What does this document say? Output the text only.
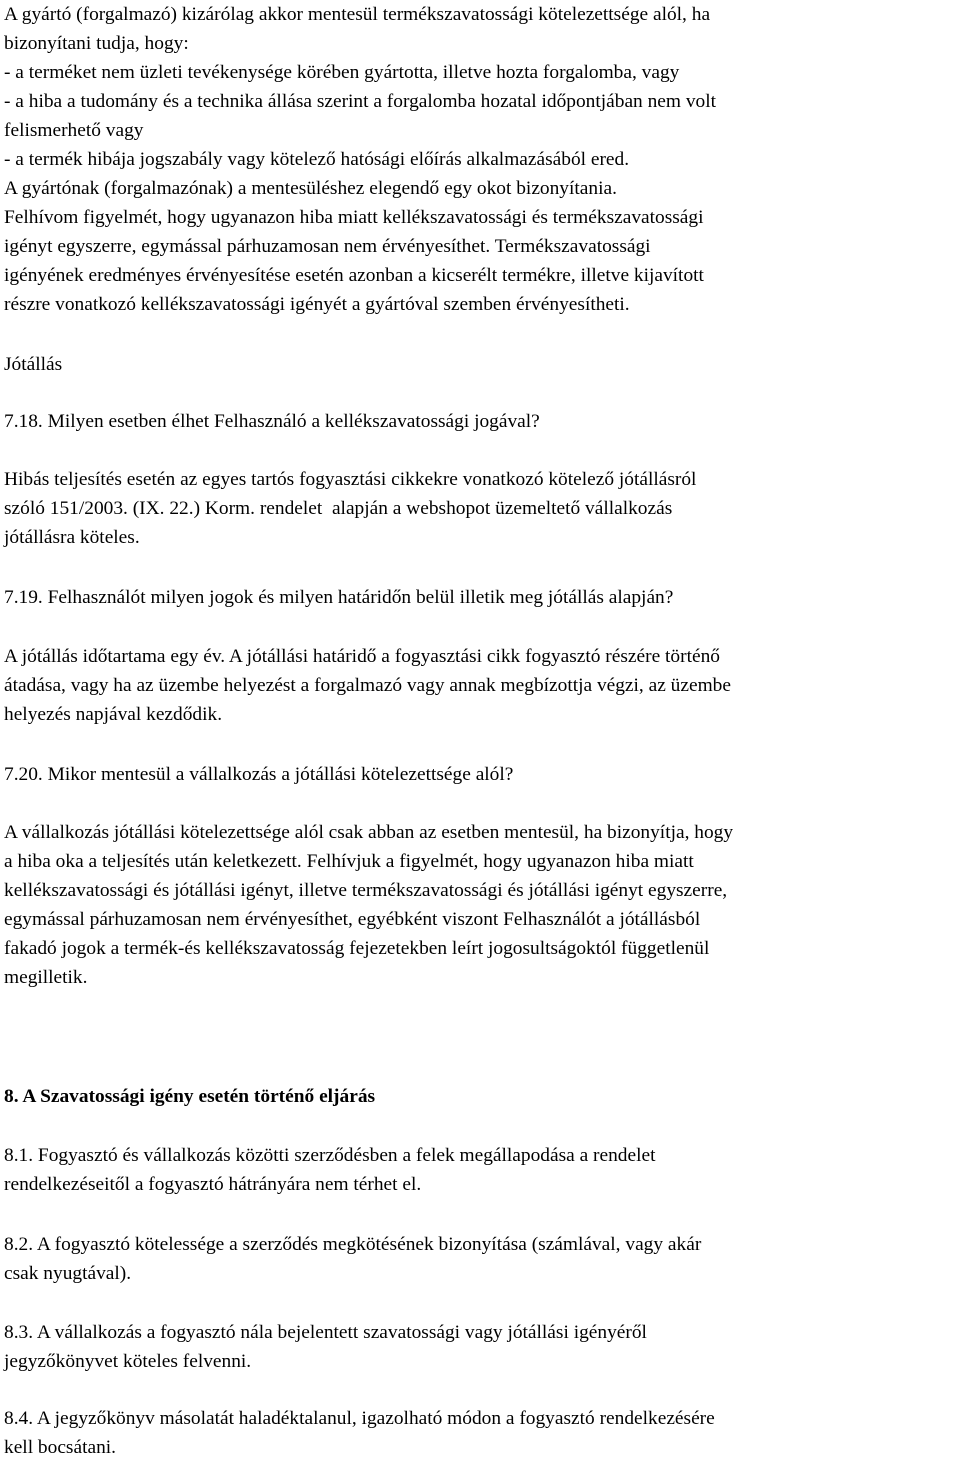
A gyártó (forgalmazó) kizárólag akkor mentesül termékszavatossági kötelezettsége alól, ha
bizonyítani tudja, hogy:
- a terméket nem üzleti tevékenysége körében gyártotta, illetve hozta forgalomba, vagy
- a hiba a tudomány és a technika állása szerint a forgalomba hozatal időpontjában nem volt
felismerhető vagy
- a termék hibája jogszabály vagy kötelező hatósági előírás alkalmazásából ered.
A gyártónak (forgalmazónak) a mentesüléshez elegendő egy okot bizonyítania.
Felhívom figyelmét, hogy ugyanazon hiba miatt kellékszavatossági és termékszavatossági
igényt egyszerre, egymással párhuzamosan nem érvényesíthet. Termékszavatossági
igényének eredményes érvényesítése esetén azonban a kicserélt termékre, illetve kijavított
részre vonatkozó kellékszavatossági igényét a gyártóval szemben érvényesítheti.
Jótállás
7.18. Milyen esetben élhet Felhasználó a kellékszavatossági jogával?
Hibás teljesítés esetén az egyes tartós fogyasztási cikkekre vonatkozó kötelező jótállásról
szóló 151/2003. (IX. 22.) Korm. rendelet  alapján a webshopot üzemeltető vállalkozás
jótállásra köteles.
7.19. Felhasználót milyen jogok és milyen határidőn belül illetik meg jótállás alapján?
A jótállás időtartama egy év. A jótállási határidő a fogyasztási cikk fogyasztó részére történő
átadása, vagy ha az üzembe helyezést a forgalmazó vagy annak megbízottja végzi, az üzembe
helyezés napjával kezdődik.
7.20. Mikor mentesül a vállalkozás a jótállási kötelezettsége alól?
A vállalkozás jótállási kötelezettsége alól csak abban az esetben mentesül, ha bizonyítja, hogy
a hiba oka a teljesítés után keletkezett. Felhívjuk a figyelmét, hogy ugyanazon hiba miatt
kellékszavatossági és jótállási igényt, illetve termékszavatossági és jótállási igényt egyszerre,
egymással párhuzamosan nem érvényesíthet, egyébként viszont Felhasználót a jótállásból
fakadó jogok a termék-és kellékszavatosság fejezetekben leírt jogosultságoktól függetlenül
megilletik.
8. A Szavatossági igény esetén történő eljárás
8.1. Fogyasztó és vállalkozás közötti szerződésben a felek megállapodása a rendelet
rendelkezéseitől a fogyasztó hátrányára nem térhet el.
8.2. A fogyasztó kötelessége a szerződés megkötésének bizonyítása (számlával, vagy akár
csak nyugtával).
8.3. A vállalkozás a fogyasztó nála bejelentett szavatossági vagy jótállási igényéről
jegyzőkönyvet köteles felvenni.
8.4. A jegyzőkönyv másolatát haladéktalanul, igazolható módon a fogyasztó rendelkezésére
kell bocsátani.
